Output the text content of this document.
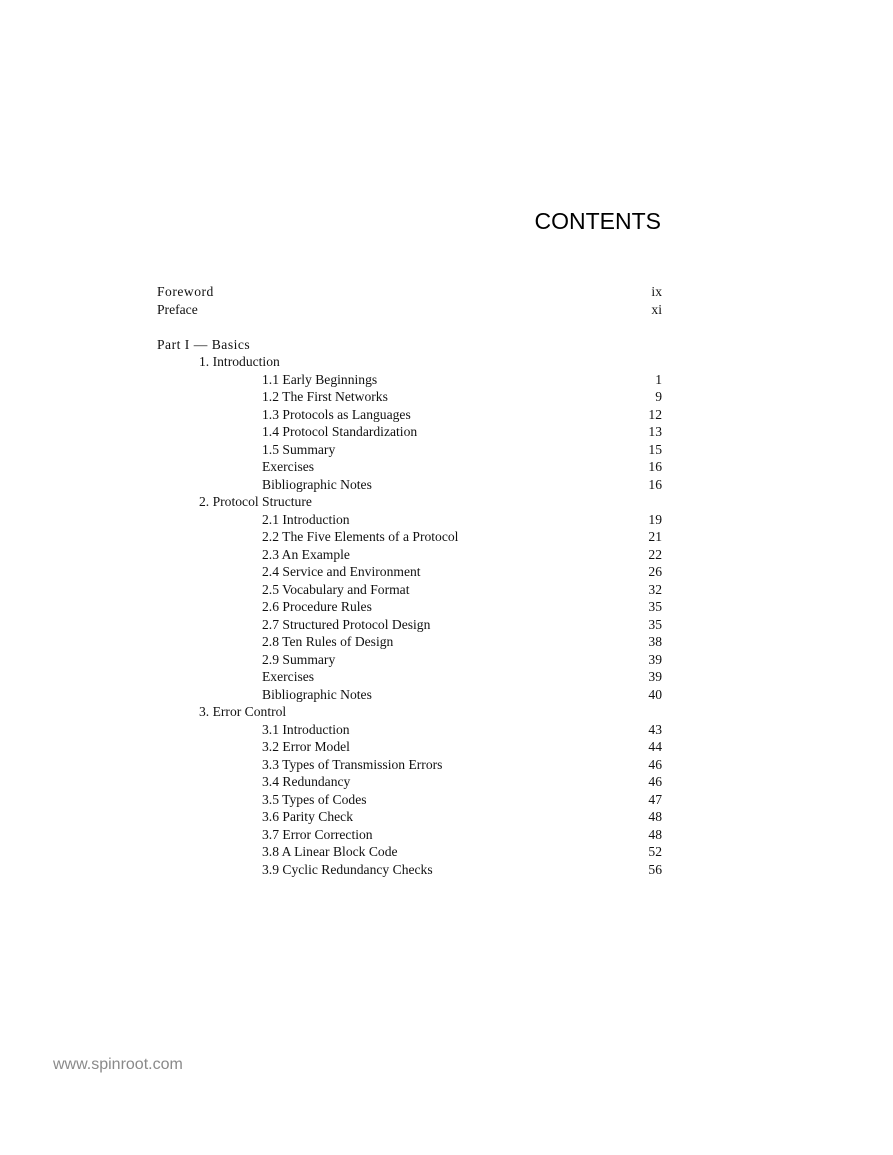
CONTENTS
Foreword	ix
Preface	xi
Part I — Basics
1. Introduction
1.1 Early Beginnings	1
1.2 The First Networks	9
1.3 Protocols as Languages	12
1.4 Protocol Standardization	13
1.5 Summary	15
Exercises	16
Bibliographic Notes	16
2. Protocol Structure
2.1 Introduction	19
2.2 The Five Elements of a Protocol	21
2.3 An Example	22
2.4 Service and Environment	26
2.5 Vocabulary and Format	32
2.6 Procedure Rules	35
2.7 Structured Protocol Design	35
2.8 Ten Rules of Design	38
2.9 Summary	39
Exercises	39
Bibliographic Notes	40
3. Error Control
3.1 Introduction	43
3.2 Error Model	44
3.3 Types of Transmission Errors	46
3.4 Redundancy	46
3.5 Types of Codes	47
3.6 Parity Check	48
3.7 Error Correction	48
3.8 A Linear Block Code	52
3.9 Cyclic Redundancy Checks	56
www.spinroot.com
